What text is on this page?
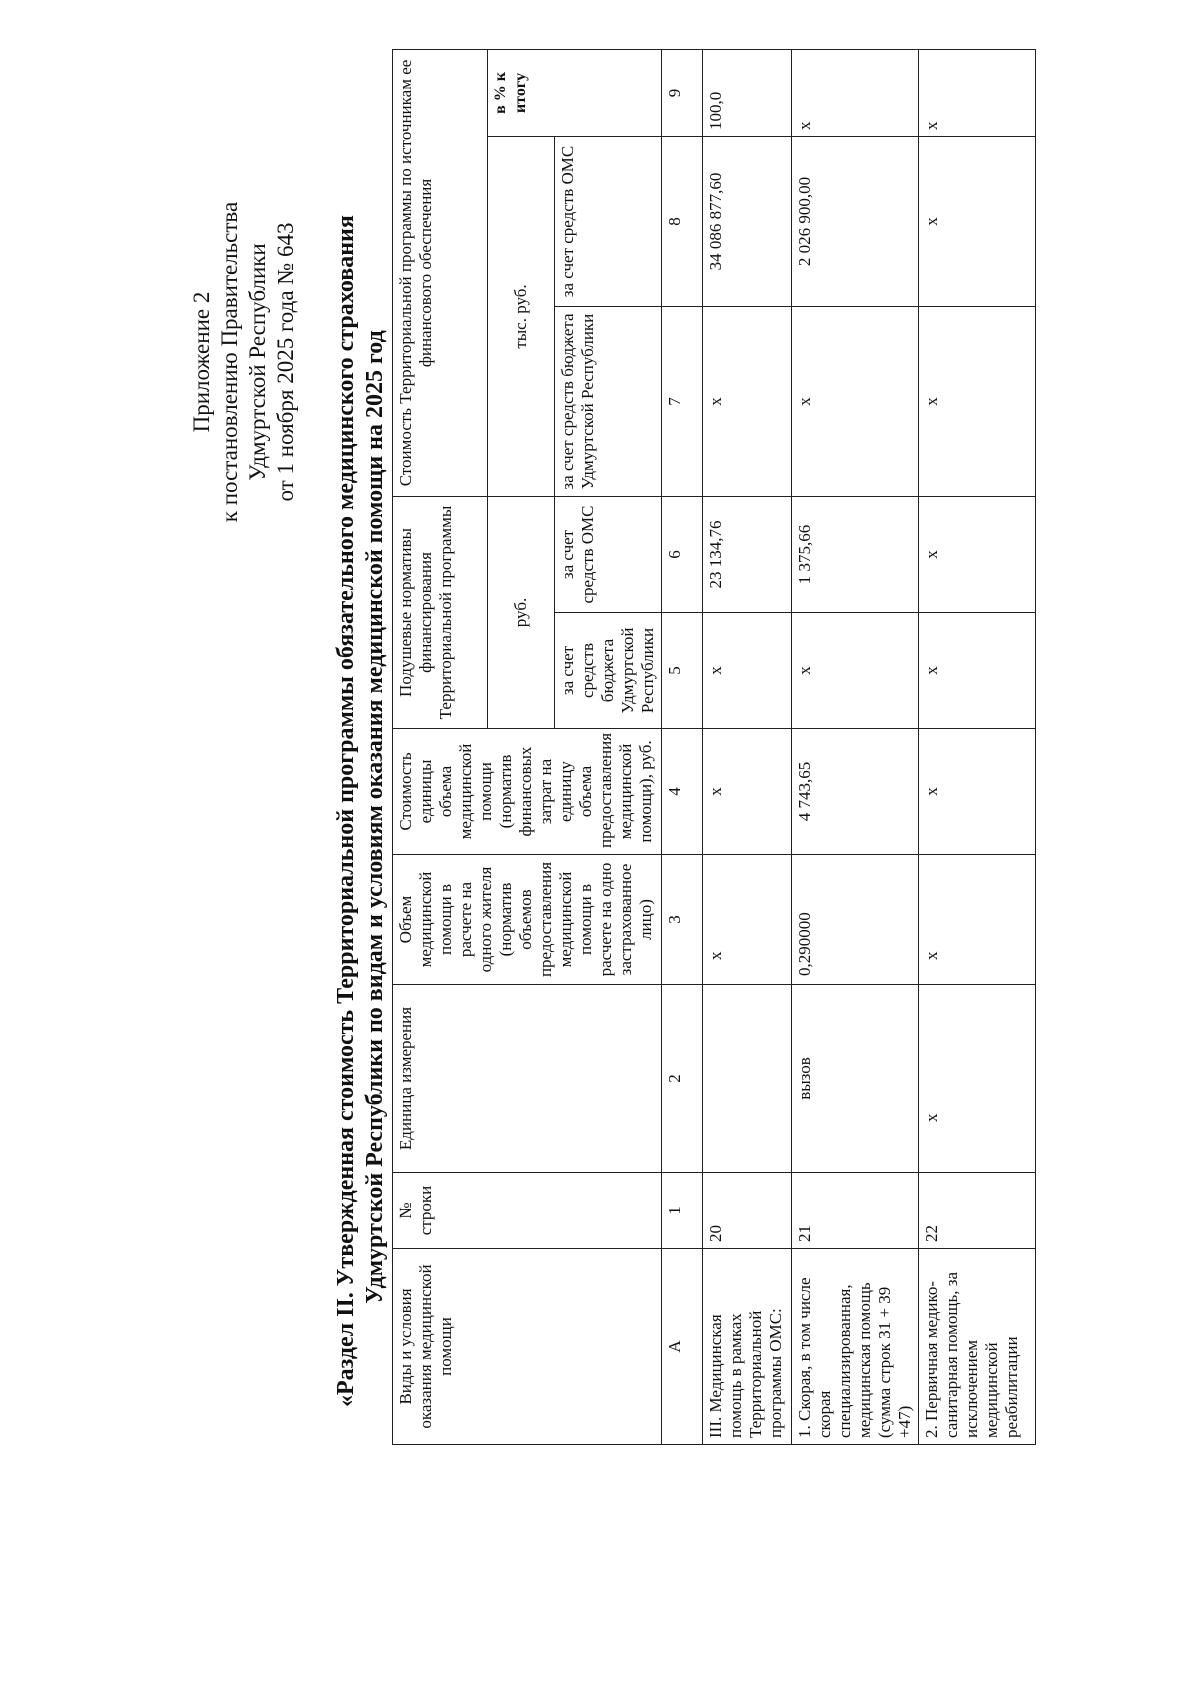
Приложение 2 к постановлению Правительства Удмуртской Республики от 1 ноября 2025 года № 643 «Раздел II. Утвержденная стоимость Территориальной программы обязательного медицинского страхования Удмуртской Республики по видам и условиям оказания медицинской помощи на 2025 год
Виды и условия оказания медицинской помощи	№ строки	Единица измерения	Объем медицинской помощи в расчете на одного жителя (норматив объемов предоставления медицинской помощи в расчете на одно застрахованное лицо)	Стоимость единицы объема медицинской помощи (норматив финансовых затрат на единицу объема предоставления медицинской помощи), руб.	Подушевые нормативы финансирования Территориальной программы		Стоимость Территориальной программы по источникам ее финансового обеспечения		
					руб.		тыс. руб.		в % к итогу
					за счет средств бюджета Удмуртской Республики	за счет средств ОМС	за счет средств бюджета Удмуртской Республики	за счет средств ОМС	
А	1	2	3	4	5	6	7	8	9
III. Медицинская помощь в рамках Территориальной программы ОМС:	20		х	х	х	23 134,76	х	34 086 877,60	100,0
1. Скорая, в том числе скорая специализированная, медицинская помощь (сумма строк 31 + 39 +47)	21	вызов	0,290000	4 743,65	х	1 375,66	х	2 026 900,00	х
2. Первичная медико-санитарная помощь, за исключением медицинской реабилитации	22	х	х	х	х	х	х	х	х
